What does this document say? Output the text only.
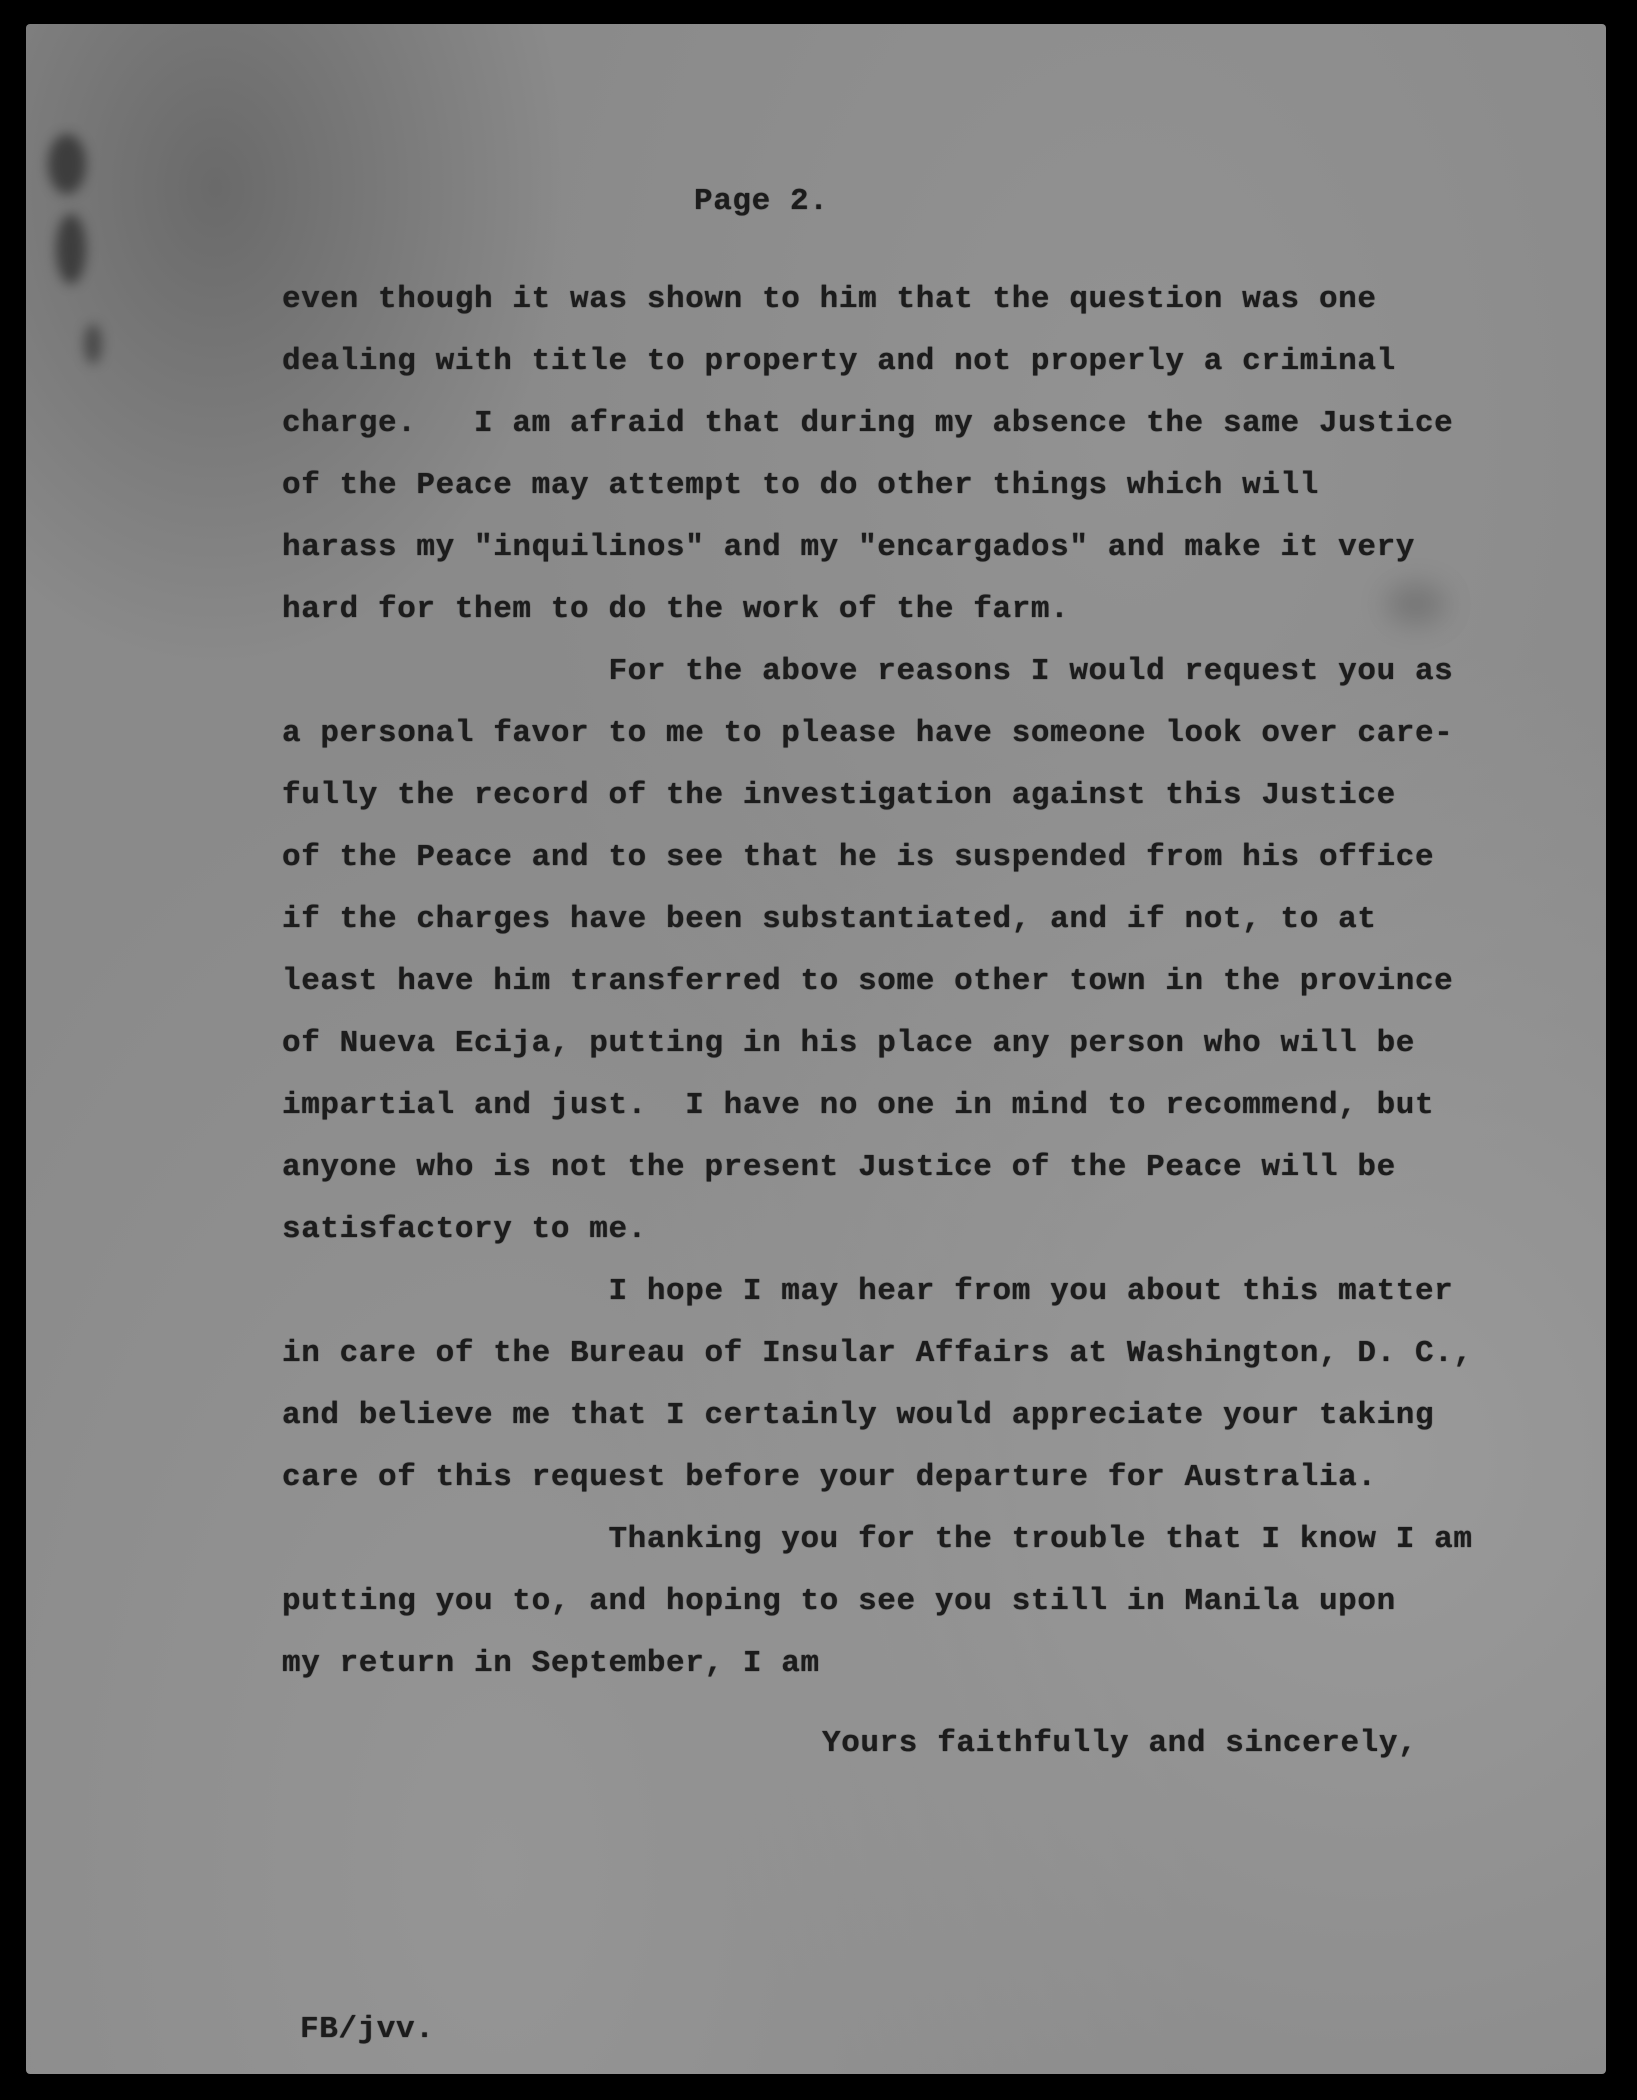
Page 2.
even though it was shown to him that the question was one
dealing with title to property and not properly a criminal
charge.   I am afraid that during my absence the same Justice
of the Peace may attempt to do other things which will
harass my "inquilinos" and my "encargados" and make it very
hard for them to do the work of the farm.
For the above reasons I would request you as
a personal favor to me to please have someone look over care-
fully the record of the investigation against this Justice
of the Peace and to see that he is suspended from his office
if the charges have been substantiated, and if not, to at
least have him transferred to some other town in the province
of Nueva Ecija, putting in his place any person who will be
impartial and just.  I have no one in mind to recommend, but
anyone who is not the present Justice of the Peace will be
satisfactory to me.
I hope I may hear from you about this matter
in care of the Bureau of Insular Affairs at Washington, D. C.,
and believe me that I certainly would appreciate your taking
care of this request before your departure for Australia.
Thanking you for the trouble that I know I am
putting you to, and hoping to see you still in Manila upon
my return in September, I am
Yours faithfully and sincerely,
FB/jvv.
